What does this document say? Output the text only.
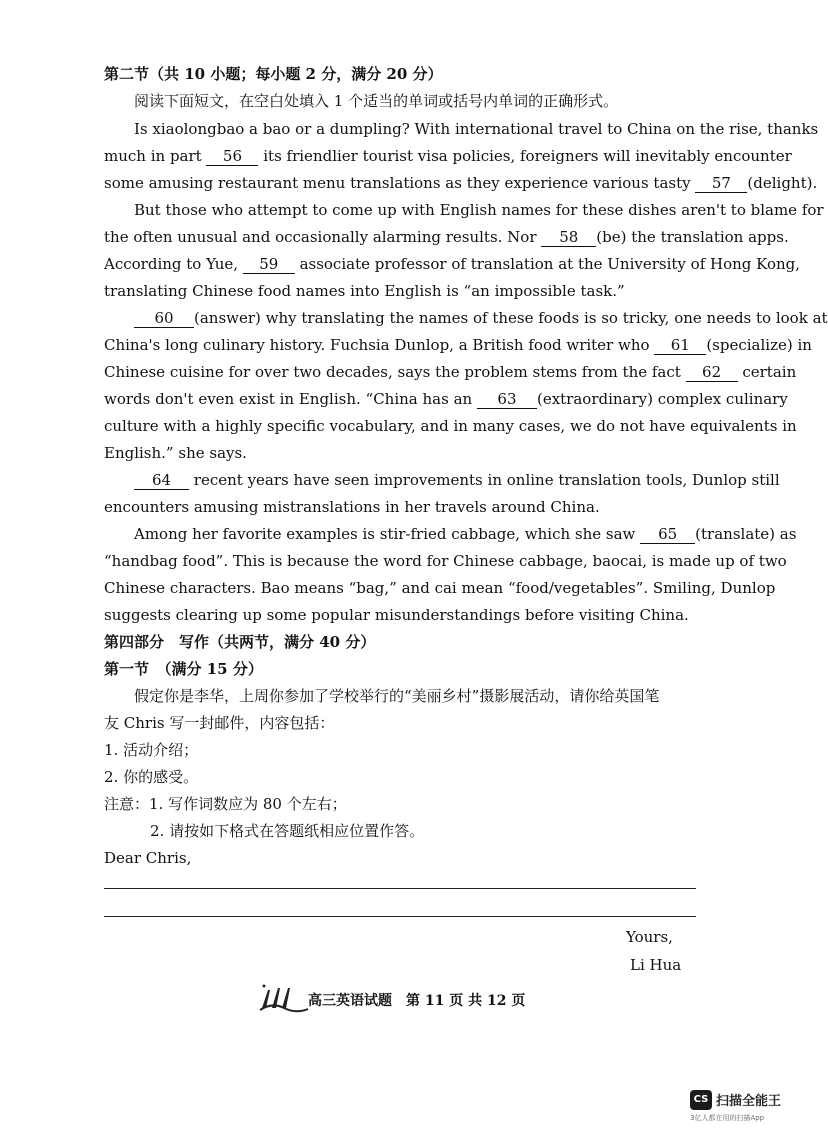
第二节（共 10 小题；每小题 2 分，满分 20 分）
阅读下面短文，在空白处填入 1 个适当的单词或括号内单词的正确形式。
Is xiaolongbao a bao or a dumpling? With international travel to China on the rise, thanks
much in part 56 its friendlier tourist visa policies, foreigners will inevitably encounter
some amusing restaurant menu translations as they experience various tasty 57 (delight).
But those who attempt to come up with English names for these dishes aren't to blame for
the often unusual and occasionally alarming results. Nor 58 (be) the translation apps.
According to Yue, 59 associate professor of translation at the University of Hong Kong,
translating Chinese food names into English is “an impossible task.”
60 (answer) why translating the names of these foods is so tricky, one needs to look at
China's long culinary history. Fuchsia Dunlop, a British food writer who 61 (specialize) in
Chinese cuisine for over two decades, says the problem stems from the fact 62 certain
words don't even exist in English. “China has an 63 (extraordinary) complex culinary
culture with a highly specific vocabulary, and in many cases, we do not have equivalents in
English.” she says.
64 recent years have seen improvements in online translation tools, Dunlop still
encounters amusing mistranslations in her travels around China.
Among her favorite examples is stir-fried cabbage, which she saw 65 (translate) as
“handbag food”. This is because the word for Chinese cabbage, baocai, is made up of two
Chinese characters. Bao means “bag,” and cai mean “food/vegetables”. Smiling, Dunlop
suggests clearing up some popular misunderstandings before visiting China.
第四部分　写作（共两节，满分 40 分）
第一节　（满分 15 分）
假定你是李华，上周你参加了学校举行的“美丽乡村”摄影展活动，请你给英国笔
友 Chris 写一封邮件，内容包括：
1. 活动介绍；
2. 你的感受。
注意：1. 写作词数应为 80 个左右；
2. 请按如下格式在答题纸相应位置作答。
Dear Chris,
Yours,
Li Hua
高三英语试题　第 11 页 共 12 页
CS 扫描全能王
3亿人都在用的扫描App
